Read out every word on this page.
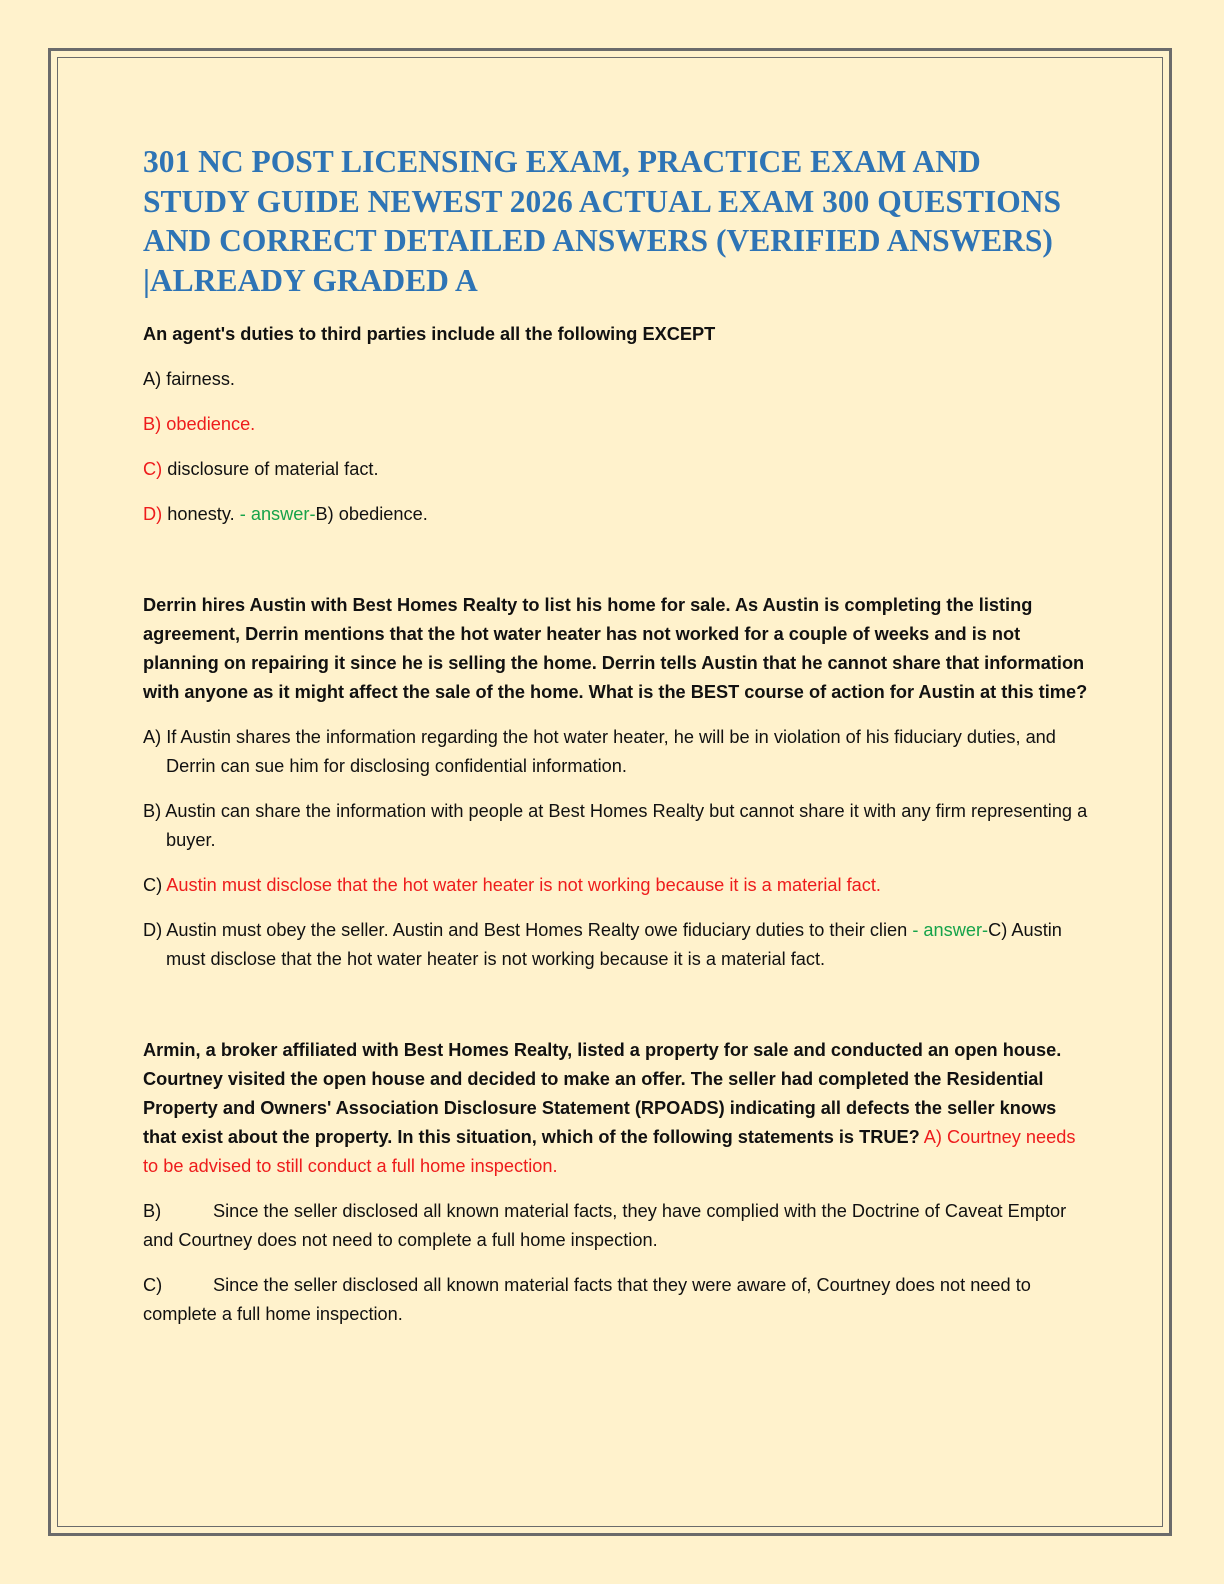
301 NC POST LICENSING EXAM, PRACTICE EXAM AND STUDY GUIDE NEWEST 2026 ACTUAL EXAM 300 QUESTIONS AND CORRECT DETAILED ANSWERS (VERIFIED ANSWERS) |ALREADY GRADED A
An agent's duties to third parties include all the following EXCEPT
A) fairness.
B) obedience.
C) disclosure of material fact.
D) honesty. - answer-B) obedience.
Derrin hires Austin with Best Homes Realty to list his home for sale. As Austin is completing the listing agreement, Derrin mentions that the hot water heater has not worked for a couple of weeks and is not planning on repairing it since he is selling the home. Derrin tells Austin that he cannot share that information with anyone as it might affect the sale of the home. What is the BEST course of action for Austin at this time?
A) If Austin shares the information regarding the hot water heater, he will be in violation of his fiduciary duties, and Derrin can sue him for disclosing confidential information.
B) Austin can share the information with people at Best Homes Realty but cannot share it with any firm representing a buyer.
C) Austin must disclose that the hot water heater is not working because it is a material fact.
D) Austin must obey the seller. Austin and Best Homes Realty owe fiduciary duties to their clien - answer-C) Austin must disclose that the hot water heater is not working because it is a material fact.
Armin, a broker affiliated with Best Homes Realty, listed a property for sale and conducted an open house. Courtney visited the open house and decided to make an offer. The seller had completed the Residential Property and Owners' Association Disclosure Statement (RPOADS) indicating all defects the seller knows that exist about the property. In this situation, which of the following statements is TRUE? A) Courtney needs to be advised to still conduct a full home inspection.
B)	Since the seller disclosed all known material facts, they have complied with the Doctrine of Caveat Emptor and Courtney does not need to complete a full home inspection.
C)	Since the seller disclosed all known material facts that they were aware of, Courtney does not need to complete a full home inspection.
